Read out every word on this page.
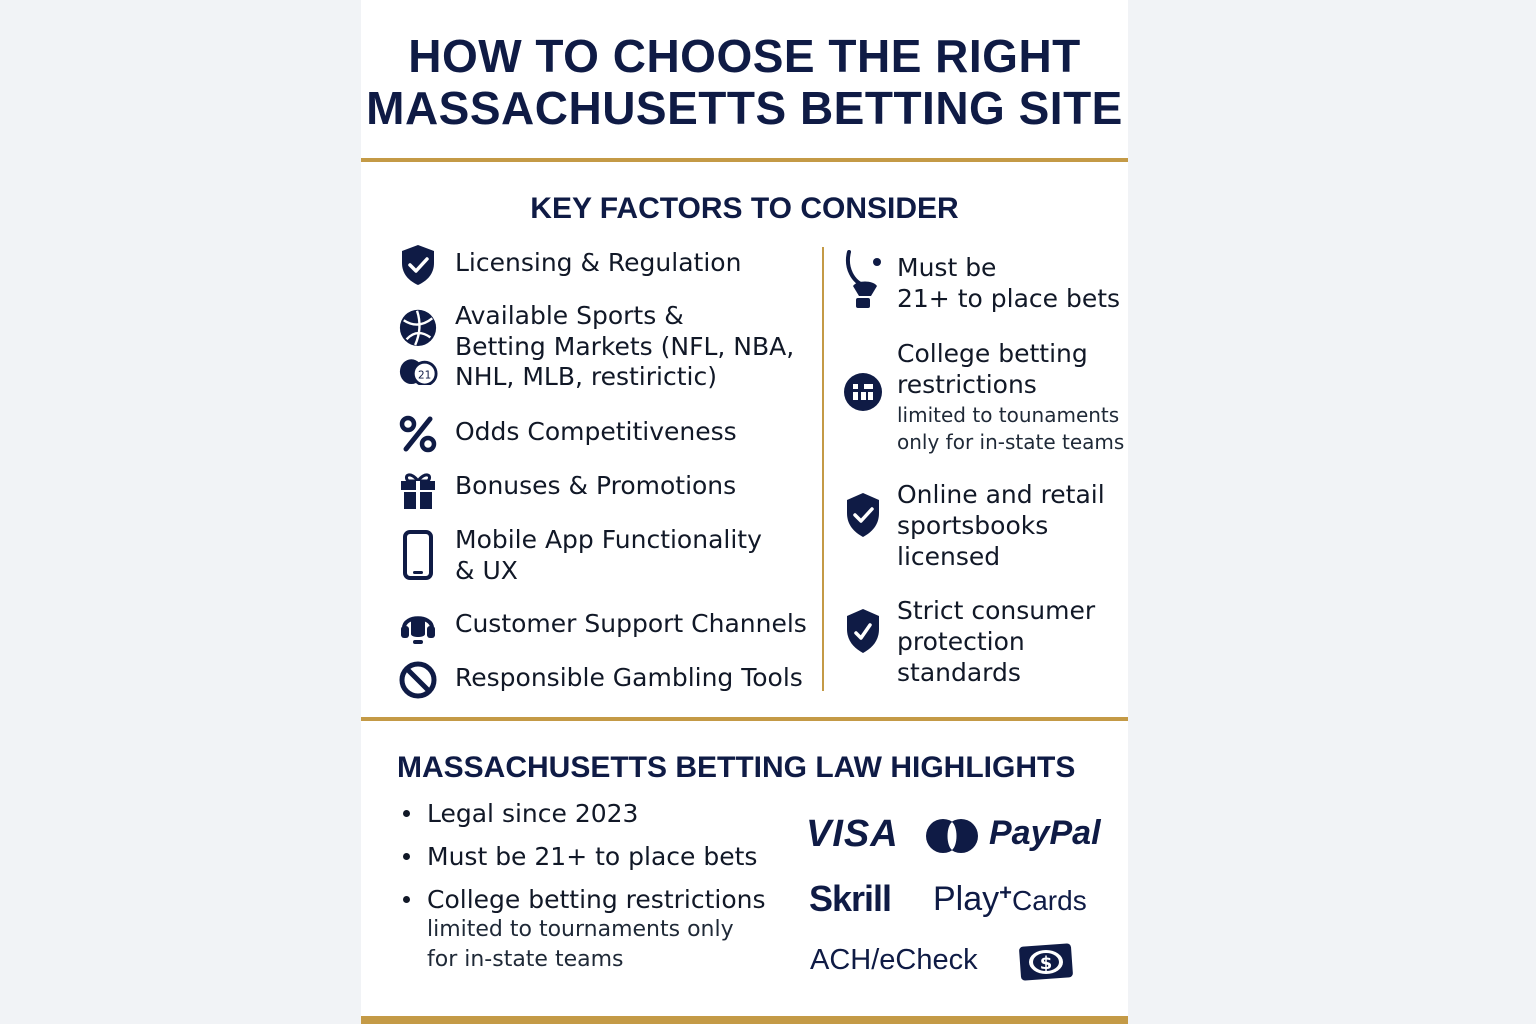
HOW TO CHOOSE THE RIGHT
MASSACHUSETTS BETTING SITE
KEY FACTORS TO CONSIDER
Licensing & Regulation
21
Available Sports &
Betting Markets (NFL, NBA,
NHL, MLB, restirictic)
Odds Competitiveness
Bonuses & Promotions
Mobile App Functionality
& UX
Customer Support Channels
Responsible Gambling Tools
Must be
21+ to place bets
College betting
restrictions
limited to tounaments
only for in-state teams
Online and retail
sportsbooks
licensed
Strict consumer
protection
standards
MASSACHUSETTS BETTING LAW HIGHLIGHTS
Legal since 2023
Must be 21+ to place bets
College betting restrictions
limited to tournaments only
for in-state teams
VISA	PayPal
Skrill Play+Cards
ACH/eCheck	$
